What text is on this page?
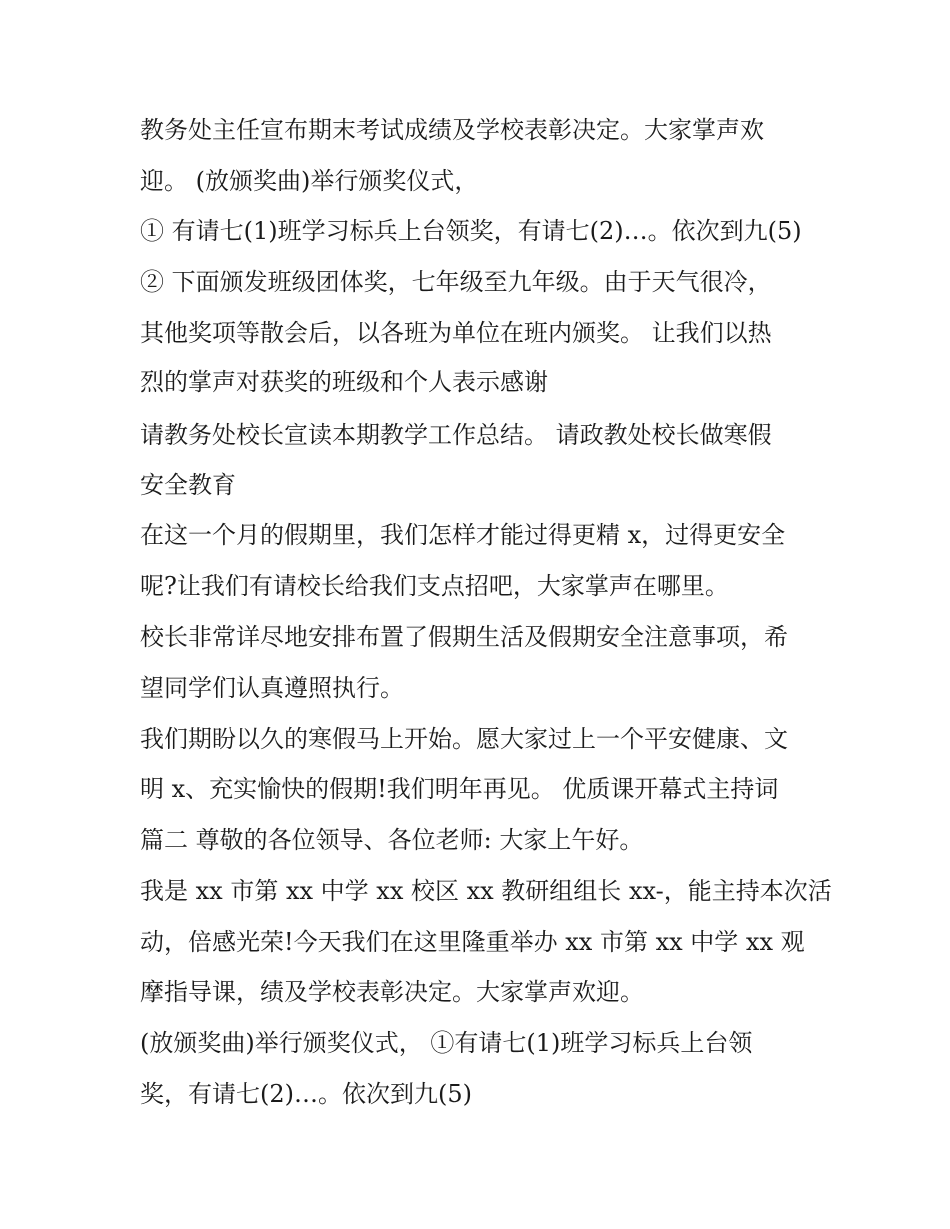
教务处主任宣布期末考试成绩及学校表彰决定。大家掌声欢
迎。 (放颁奖曲)举行颁奖仪式，
① 有请七(1)班学习标兵上台领奖，有请七(2)…。依次到九(5)
② 下面颁发班级团体奖，七年级至九年级。由于天气很冷，
其他奖项等散会后，以各班为单位在班内颁奖。 让我们以热
烈的掌声对获奖的班级和个人表示感谢
请教务处校长宣读本期教学工作总结。 请政教处校长做寒假
安全教育
在这一个月的假期里，我们怎样才能过得更精 x，过得更安全
呢?让我们有请校长给我们支点招吧，大家掌声在哪里。
校长非常详尽地安排布置了假期生活及假期安全注意事项，希
望同学们认真遵照执行。
我们期盼以久的寒假马上开始。愿大家过上一个平安健康、文
明 x、充实愉快的假期!我们明年再见。 优质课开幕式主持词
篇二 尊敬的各位领导、各位老师: 大家上午好。
我是 xx 市第 xx 中学 xx 校区 xx 教研组组长 xx-，能主持本次活
动，倍感光荣!今天我们在这里隆重举办 xx 市第 xx 中学 xx 观
摩指导课，绩及学校表彰决定。大家掌声欢迎。
(放颁奖曲)举行颁奖仪式， ①有请七(1)班学习标兵上台领
奖，有请七(2)…。依次到九(5)
